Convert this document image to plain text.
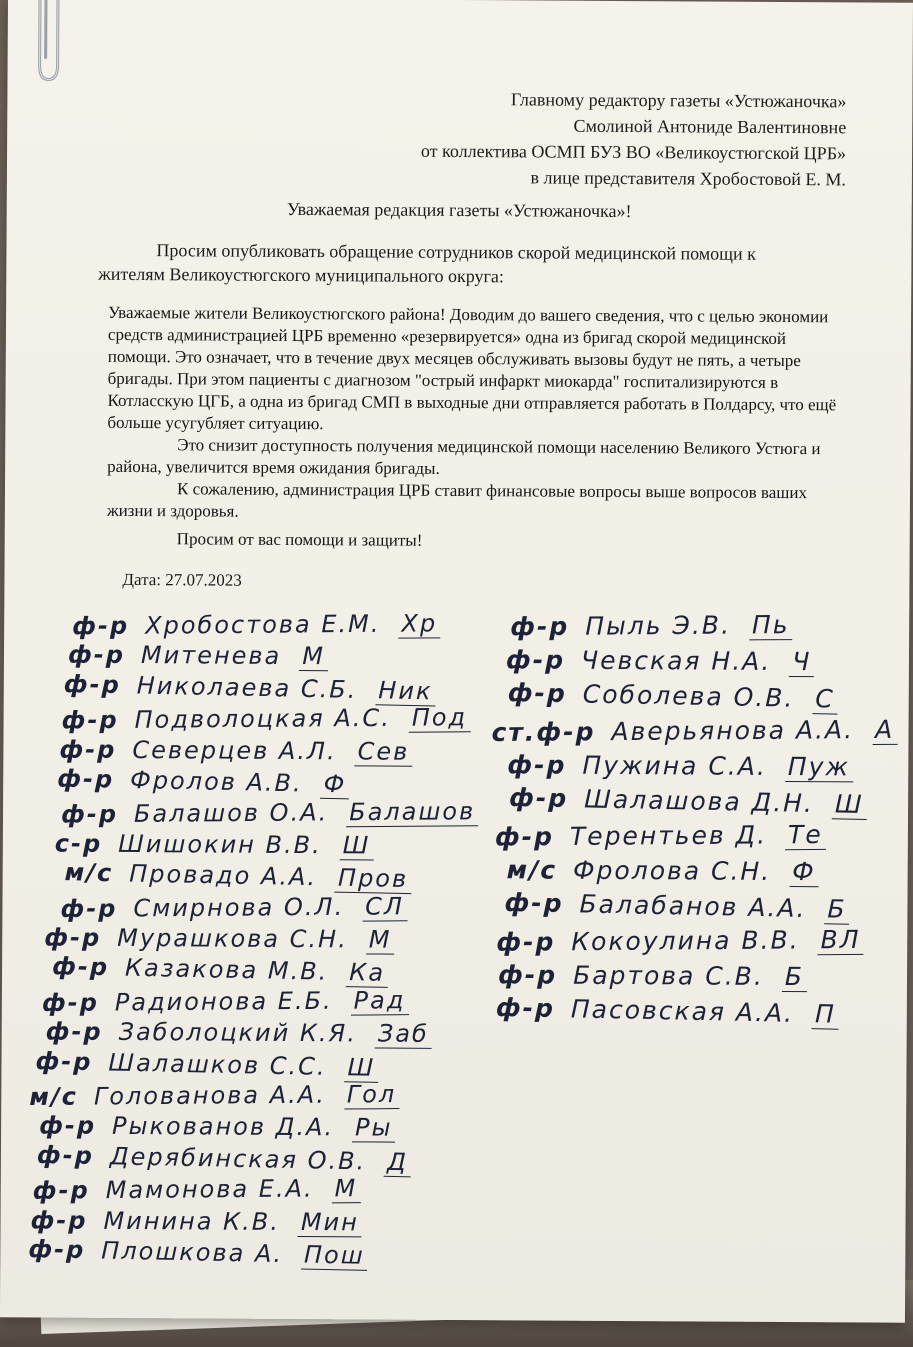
Главному редактору газеты «Устюжаночка»
Смолиной Антониде Валентиновне
от коллектива ОСМП БУЗ ВО «Великоустюгской ЦРБ»
в лице представителя Хробостовой Е. М.
Уважаемая редакция газеты «Устюжаночка»!

Просим опубликовать обращение сотрудников скорой медицинской помощи к

жителям Великоустюгского муниципального округа:

Уважаемые жители Великоустюгского района! Доводим до вашего сведения, что с целью экономии средств администрацией ЦРБ временно «резервируется» одна из бригад скорой медицинской помощи. Это означает, что в течение двух месяцев обслуживать вызовы будут не пять, а четыре бригады. При этом пациенты с диагнозом "острый инфаркт миокарда" госпитализируются в Котласскую ЦГБ, а одна из бригад СМП в выходные дни отправляется работать в Полдарсу, что ещё больше усугубляет ситуацию.

Это снизит доступность получения медицинской помощи населению Великого Устюга и района, увеличится время ожидания бригады.

К сожалению, администрация ЦРБ ставит финансовые вопросы выше вопросов ваших жизни и здоровья.

Просим от вас помощи и защиты!

Дата: 27.07.2023
ф-р Хробостова Е.М. Хр
ф-р Митенева М
ф-р Николаева С.Б. Ник
ф-р Подволоцкая А.С. Под
ф-р Северцев А.Л. Сев
ф-р Фролов А.В. Ф
ф-р Балашов О.А. Балашов
с-р Шишокин В.В. Ш
м/с Провадо А.А. Пров
ф-р Смирнова О.Л. СЛ
ф-р Мурашкова С.Н. М
ф-р Казакова М.В. Ка
ф-р Радионова Е.Б. Рад
ф-р Заболоцкий К.Я. Заб
ф-р Шалашков С.С. Ш
м/с Голованова А.А. Гол
ф-р Рыкованов Д.А. Ры
ф-р Дерябинская О.В. Д
ф-р Мамонова Е.А. М
ф-р Минина К.В. Мин
ф-р Плошкова А. Пош
ф-р Пыль Э.В. Пь
ф-р Чевская Н.А. Ч
ф-р Соболева О.В. С
ст.ф-р Аверьянова А.А. А
ф-р Пужина С.А. Пуж
ф-р Шалашова Д.Н. Ш
ф-р Терентьев Д. Те
м/с Фролова С.Н. Ф
ф-р Балабанов А.А. Б
ф-р Кокоулина В.В. ВЛ
ф-р Бартова С.В. Б
ф-р Пасовская А.А. П
